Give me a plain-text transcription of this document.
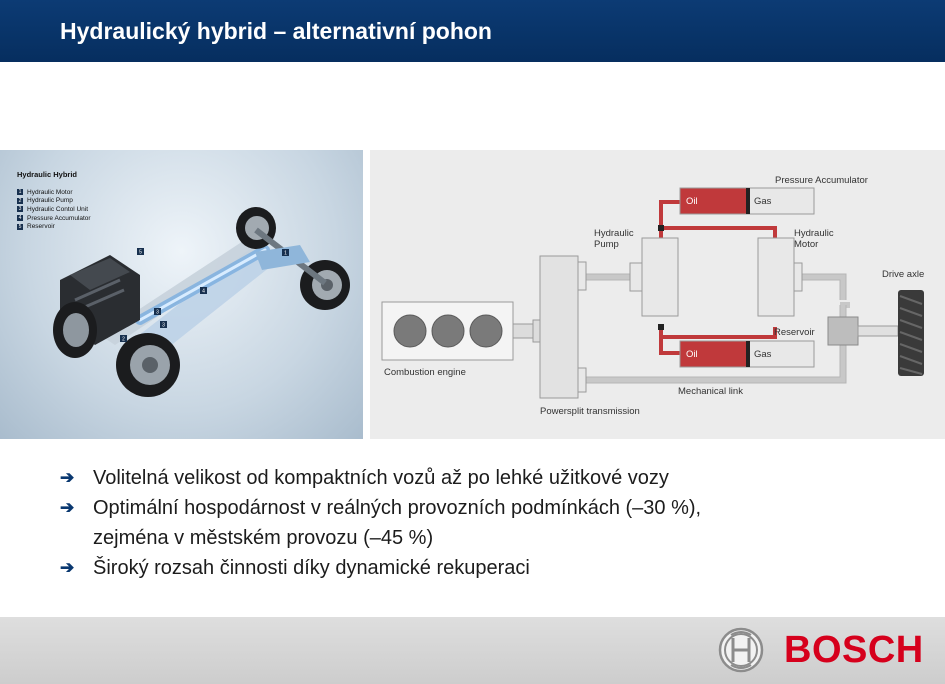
Hydraulický hybrid – alternativní pohon
Hydraulic Hybrid
1 Hydraulic Motor
2 Hydraulic Pump
3 Hydraulic Contol Unit
4 Pressure Accumulator
5 Reservoir
5
3
4
1
2
3
Combustion engine
Powersplit transmission
Hydraulic Pump
Hydraulic Motor
Pressure Accumulator
Oil	Gas
Reservoir
Oil	Gas
Drive axle
Mechanical link
➔ Volitelná velikost od kompaktních vozů až po lehké užitkové vozy
➔ Optimální hospodárnost v reálných provozních podmínkách (–30 %),
zejména v městském provozu (–45 %)
➔ Široký rozsah činnosti díky dynamické rekuperaci
BOSCH
